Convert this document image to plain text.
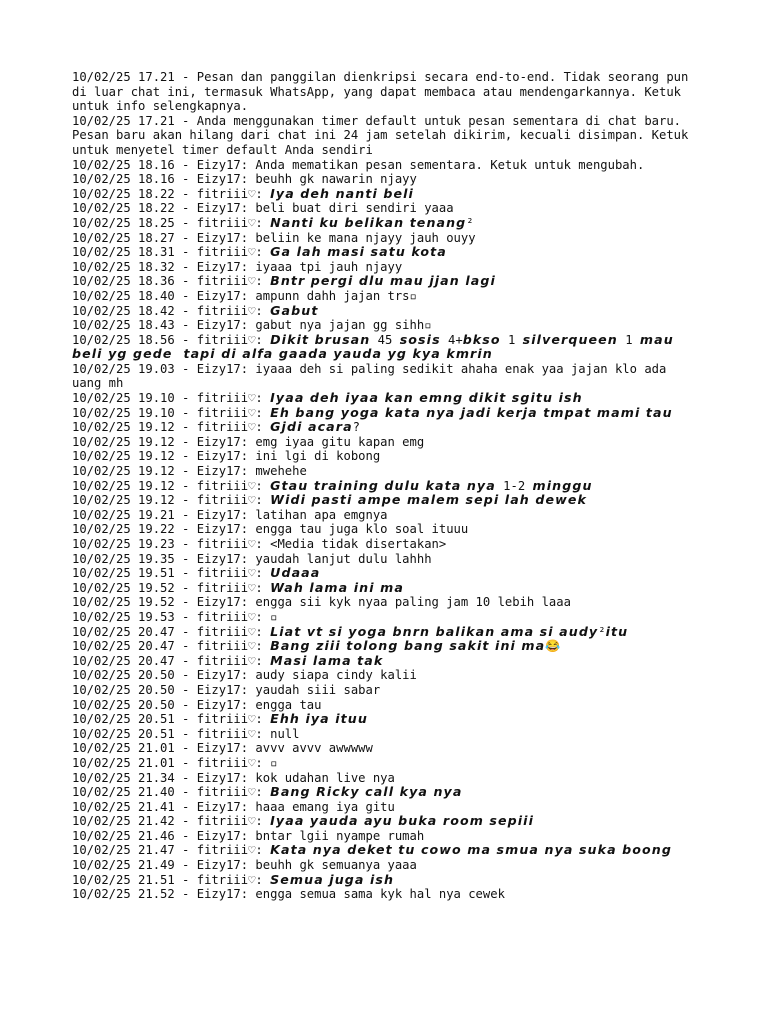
10/02/25 17.21 - Pesan dan panggilan dienkripsi secara end-to-end. Tidak seorang pun di luar chat ini, termasuk WhatsApp, yang dapat membaca atau mendengarkannya. Ketuk untuk info selengkapnya.
10/02/25 17.21 - Anda menggunakan timer default untuk pesan sementara di chat baru. Pesan baru akan hilang dari chat ini 24 jam setelah dikirim, kecuali disimpan. Ketuk untuk menyetel timer default Anda sendiri
10/02/25 18.16 - Eizy17: Anda mematikan pesan sementara. Ketuk untuk mengubah.
10/02/25 18.16 - Eizy17: beuhh gk nawarin njayy
10/02/25 18.22 - fitriii♡: Iya deh nanti beli
10/02/25 18.22 - Eizy17: beli buat diri sendiri yaaa
10/02/25 18.25 - fitriii♡: Nanti ku belikan tenang²
10/02/25 18.27 - Eizy17: beliin ke mana njayy jauh ouyy
10/02/25 18.31 - fitriii♡: Ga lah masi satu kota
10/02/25 18.32 - Eizy17: iyaaa tpi jauh njayy
10/02/25 18.36 - fitriii♡: Bntr pergi dlu mau jjan lagi
10/02/25 18.40 - Eizy17: ampunn dahh jajan trs▫
10/02/25 18.42 - fitriii♡: Gabut
10/02/25 18.43 - Eizy17: gabut nya jajan gg sihh▫
10/02/25 18.56 - fitriii♡: Dikit brusan 45 sosis 4+bkso 1 silverqueen 1 mau beli yg gede  tapi di alfa gaada yauda yg kya kmrin
10/02/25 19.03 - Eizy17: iyaaa deh si paling sedikit ahaha enak yaa jajan klo ada uang mh
10/02/25 19.10 - fitriii♡: Iyaa deh iyaa kan emng dikit sgitu ish
10/02/25 19.10 - fitriii♡: Eh bang yoga kata nya jadi kerja tmpat mami tau
10/02/25 19.12 - fitriii♡: Gjdi acara?
10/02/25 19.12 - Eizy17: emg iyaa gitu kapan emg
10/02/25 19.12 - Eizy17: ini lgi di kobong
10/02/25 19.12 - Eizy17: mwehehe
10/02/25 19.12 - fitriii♡: Gtau training dulu kata nya 1-2 minggu
10/02/25 19.12 - fitriii♡: Widi pasti ampe malem sepi lah dewek
10/02/25 19.21 - Eizy17: latihan apa emgnya
10/02/25 19.22 - Eizy17: engga tau juga klo soal ituuu
10/02/25 19.23 - fitriii♡: <Media tidak disertakan>
10/02/25 19.35 - Eizy17: yaudah lanjut dulu lahhh
10/02/25 19.51 - fitriii♡: Udaaa
10/02/25 19.52 - fitriii♡: Wah lama ini ma
10/02/25 19.52 - Eizy17: engga sii kyk nyaa paling jam 10 lebih laaa
10/02/25 19.53 - fitriii♡: ▫
10/02/25 20.47 - fitriii♡: Liat vt si yoga bnrn balikan ama si audy²itu
10/02/25 20.47 - fitriii♡: Bang ziii tolong bang sakit ini ma😂
10/02/25 20.47 - fitriii♡: Masi lama tak
10/02/25 20.50 - Eizy17: audy siapa cindy kalii
10/02/25 20.50 - Eizy17: yaudah siii sabar
10/02/25 20.50 - Eizy17: engga tau
10/02/25 20.51 - fitriii♡: Ehh iya ituu
10/02/25 20.51 - fitriii♡: null
10/02/25 21.01 - Eizy17: avvv avvv awwwww
10/02/25 21.01 - fitriii♡: ▫
10/02/25 21.34 - Eizy17: kok udahan live nya
10/02/25 21.40 - fitriii♡: Bang Ricky call kya nya
10/02/25 21.41 - Eizy17: haaa emang iya gitu
10/02/25 21.42 - fitriii♡: Iyaa yauda ayu buka room sepiii
10/02/25 21.46 - Eizy17: bntar lgii nyampe rumah
10/02/25 21.47 - fitriii♡: Kata nya deket tu cowo ma smua nya suka boong
10/02/25 21.49 - Eizy17: beuhh gk semuanya yaaa
10/02/25 21.51 - fitriii♡: Semua juga ish
10/02/25 21.52 - Eizy17: engga semua sama kyk hal nya cewek
